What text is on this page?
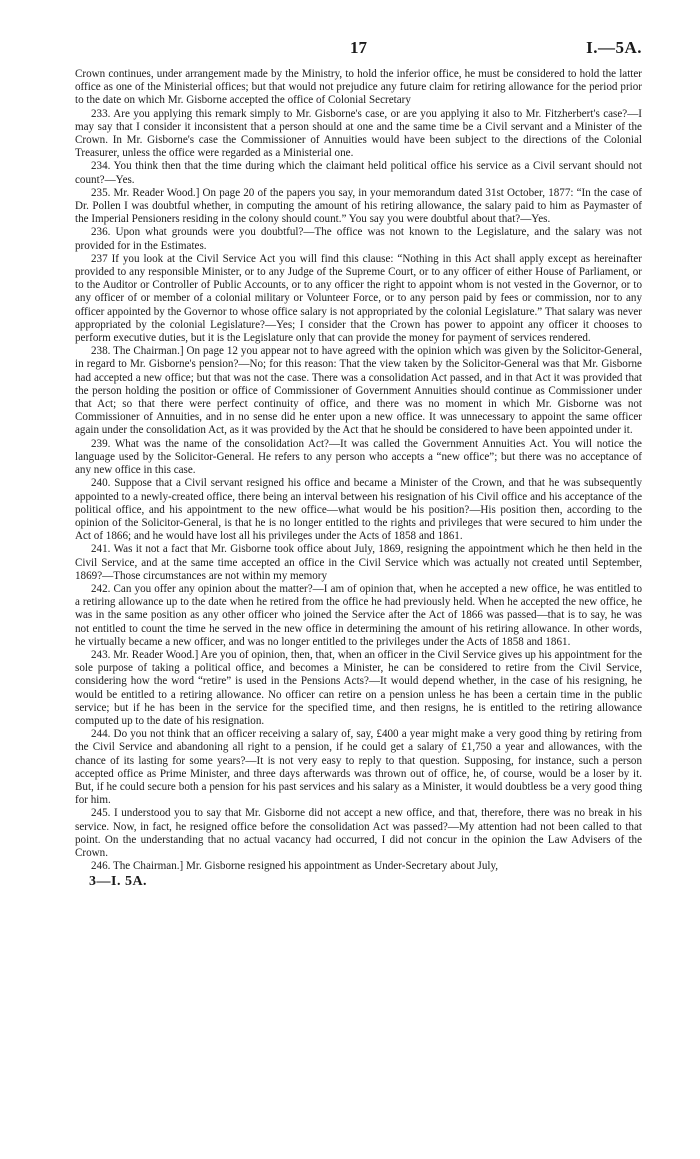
17	I.—5A.

Crown continues, under arrangement made by the Ministry, to hold the inferior office, he must be considered to hold the latter office as one of the Ministerial offices; but that would not prejudice any future claim for retiring allowance for the period prior to the date on which Mr. Gisborne accepted the office of Colonial Secretary

233. Are you applying this remark simply to Mr. Gisborne's case, or are you applying it also to Mr. Fitzherbert's case?—I may say that I consider it inconsistent that a person should at one and the same time be a Civil servant and a Minister of the Crown. In Mr. Gisborne's case the Commissioner of Annuities would have been subject to the directions of the Colonial Treasurer, unless the office were regarded as a Ministerial one.

234. You think then that the time during which the claimant held political office his service as a Civil servant should not count?—Yes.

235. Mr. Reader Wood.] On page 20 of the papers you say, in your memorandum dated 31st October, 1877: “In the case of Dr. Pollen I was doubtful whether, in computing the amount of his retiring allowance, the salary paid to him as Paymaster of the Imperial Pensioners residing in the colony should count.” You say you were doubtful about that?—Yes.

236. Upon what grounds were you doubtful?—The office was not known to the Legislature, and the salary was not provided for in the Estimates.

237 If you look at the Civil Service Act you will find this clause: “Nothing in this Act shall apply except as hereinafter provided to any responsible Minister, or to any Judge of the Supreme Court, or to any officer of either House of Parliament, or to the Auditor or Controller of Public Accounts, or to any officer the right to appoint whom is not vested in the Governor, or to any officer of or member of a colonial military or Volunteer Force, or to any person paid by fees or commission, nor to any officer appointed by the Governor to whose office salary is not appropriated by the colonial Legislature.” That salary was never appropriated by the colonial Legislature?—Yes; I consider that the Crown has power to appoint any officer it chooses to perform executive duties, but it is the Legislature only that can provide the money for payment of services rendered.

238. The Chairman.] On page 12 you appear not to have agreed with the opinion which was given by the Solicitor-General, in regard to Mr. Gisborne's pension?—No; for this reason: That the view taken by the Solicitor-General was that Mr. Gisborne had accepted a new office; but that was not the case. There was a consolidation Act passed, and in that Act it was provided that the person holding the position or office of Commissioner of Government Annuities should continue as Commissioner under that Act; so that there were perfect continuity of office, and there was no moment in which Mr. Gisborne was not Commissioner of Annuities, and in no sense did he enter upon a new office. It was unnecessary to appoint the same officer again under the consolidation Act, as it was provided by the Act that he should be considered to have been appointed under it.

239. What was the name of the consolidation Act?—It was called the Government Annuities Act. You will notice the language used by the Solicitor-General. He refers to any person who accepts a “new office”; but there was no acceptance of any new office in this case.

240. Suppose that a Civil servant resigned his office and became a Minister of the Crown, and that he was subsequently appointed to a newly-created office, there being an interval between his resignation of his Civil office and his acceptance of the political office, and his appointment to the new office—what would be his position?—His position then, according to the opinion of the Solicitor-General, is that he is no longer entitled to the rights and privileges that were secured to him under the Act of 1866; and he would have lost all his privileges under the Acts of 1858 and 1861.

241. Was it not a fact that Mr. Gisborne took office about July, 1869, resigning the appointment which he then held in the Civil Service, and at the same time accepted an office in the Civil Service which was actually not created until September, 1869?—Those circumstances are not within my memory

242. Can you offer any opinion about the matter?—I am of opinion that, when he accepted a new office, he was entitled to a retiring allowance up to the date when he retired from the office he had previously held. When he accepted the new office, he was in the same position as any other officer who joined the Service after the Act of 1866 was passed—that is to say, he was not entitled to count the time he served in the new office in determining the amount of his retiring allowance. In other words, he virtually became a new officer, and was no longer entitled to the privileges under the Acts of 1858 and 1861.

243. Mr. Reader Wood.] Are you of opinion, then, that, when an officer in the Civil Service gives up his appointment for the sole purpose of taking a political office, and becomes a Minister, he can be considered to retire from the Civil Service, considering how the word “retire” is used in the Pensions Acts?—It would depend whether, in the case of his resigning, he would be entitled to a retiring allowance. No officer can retire on a pension unless he has been a certain time in the public service; but if he has been in the service for the specified time, and then resigns, he is entitled to the retiring allowance computed up to the date of his resignation.

244. Do you not think that an officer receiving a salary of, say, £400 a year might make a very good thing by retiring from the Civil Service and abandoning all right to a pension, if he could get a salary of £1,750 a year and allowances, with the chance of its lasting for some years?—It is not very easy to reply to that question. Supposing, for instance, such a person accepted office as Prime Minister, and three days afterwards was thrown out of office, he, of course, would be a loser by it. But, if he could secure both a pension for his past services and his salary as a Minister, it would doubtless be a very good thing for him.

245. I understood you to say that Mr. Gisborne did not accept a new office, and that, therefore, there was no break in his service. Now, in fact, he resigned office before the consolidation Act was passed?—My attention had not been called to that point. On the understanding that no actual vacancy had occurred, I did not concur in the opinion the Law Advisers of the Crown.

246. The Chairman.] Mr. Gisborne resigned his appointment as Under-Secretary about July,

3—I. 5A.
